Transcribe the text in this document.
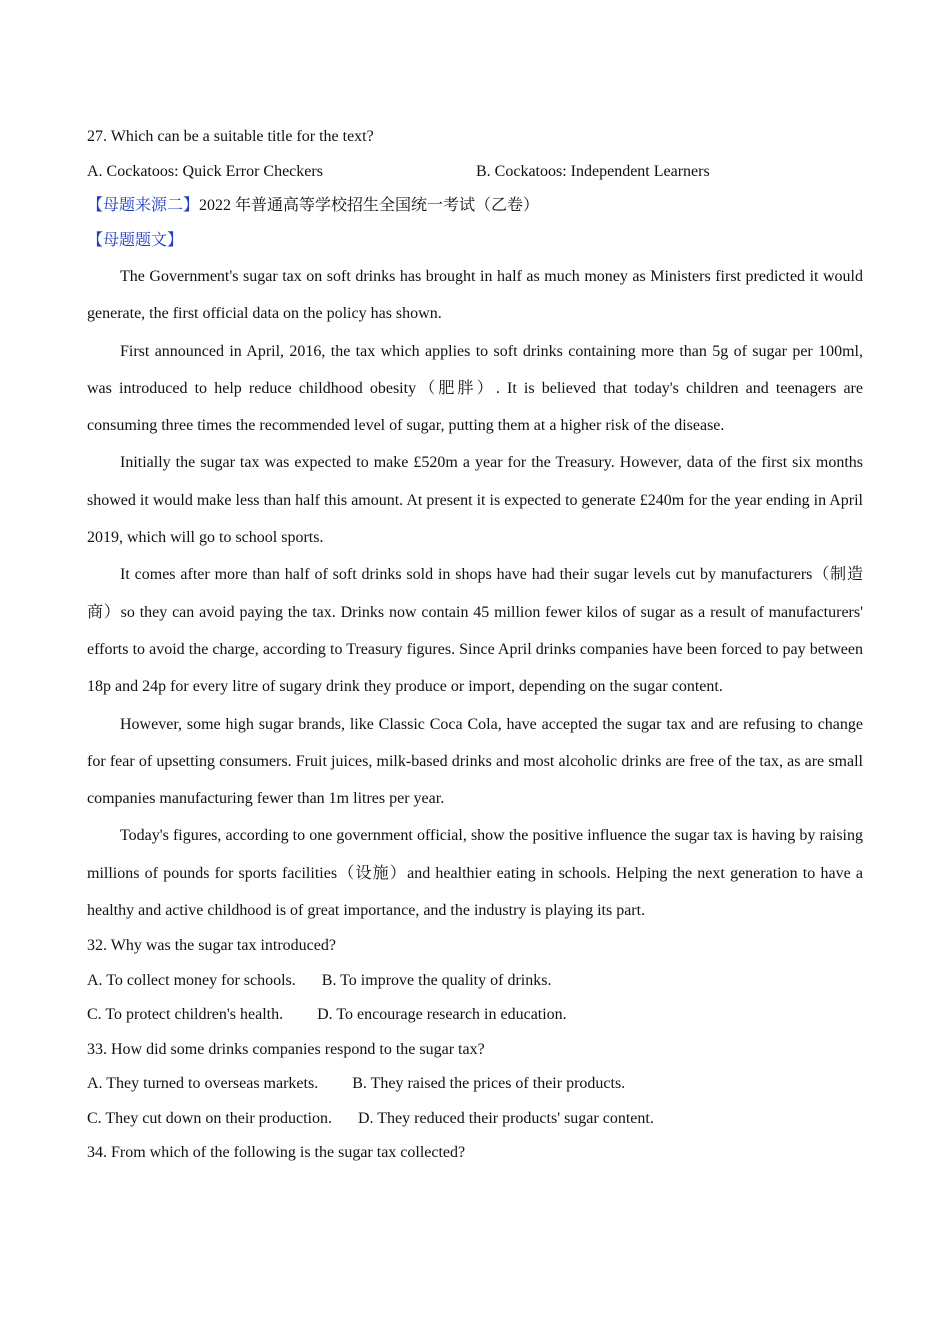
27. Which can be a suitable title for the text?
A. Cockatoos: Quick Error Checkers	B. Cockatoos: Independent Learners
【母题来源二】2022 年普通高等学校招生全国统一考试（乙卷）
【母题题文】

The Government's sugar tax on soft drinks has brought in half as much money as Ministers first predicted it would generate, the first official data on the policy has shown.

First announced in April, 2016, the tax which applies to soft drinks containing more than 5g of sugar per 100ml, was introduced to help reduce childhood obesity（肥胖）. It is believed that today's children and teenagers are consuming three times the recommended level of sugar, putting them at a higher risk of the disease.

Initially the sugar tax was expected to make £520m a year for the Treasury. However, data of the first six months showed it would make less than half this amount. At present it is expected to generate £240m for the year ending in April 2019, which will go to school sports.

It comes after more than half of soft drinks sold in shops have had their sugar levels cut by manufacturers（制造商）so they can avoid paying the tax. Drinks now contain 45 million fewer kilos of sugar as a result of manufacturers' efforts to avoid the charge, according to Treasury figures. Since April drinks companies have been forced to pay between 18p and 24p for every litre of sugary drink they produce or import, depending on the sugar content.

However, some high sugar brands, like Classic Coca Cola, have accepted the sugar tax and are refusing to change for fear of upsetting consumers. Fruit juices, milk-based drinks and most alcoholic drinks are free of the tax, as are small companies manufacturing fewer than 1m litres per year.

Today's figures, according to one government official, show the positive influence the sugar tax is having by raising millions of pounds for sports facilities（设施）and healthier eating in schools. Helping the next generation to have a healthy and active childhood is of great importance, and the industry is playing its part.

32. Why was the sugar tax introduced?
A. To collect money for schools. B. To improve the quality of drinks.
C. To protect children's health. D. To encourage research in education.
33. How did some drinks companies respond to the sugar tax?
A. They turned to overseas markets. B. They raised the prices of their products.
C. They cut down on their production. D. They reduced their products' sugar content.
34. From which of the following is the sugar tax collected?
